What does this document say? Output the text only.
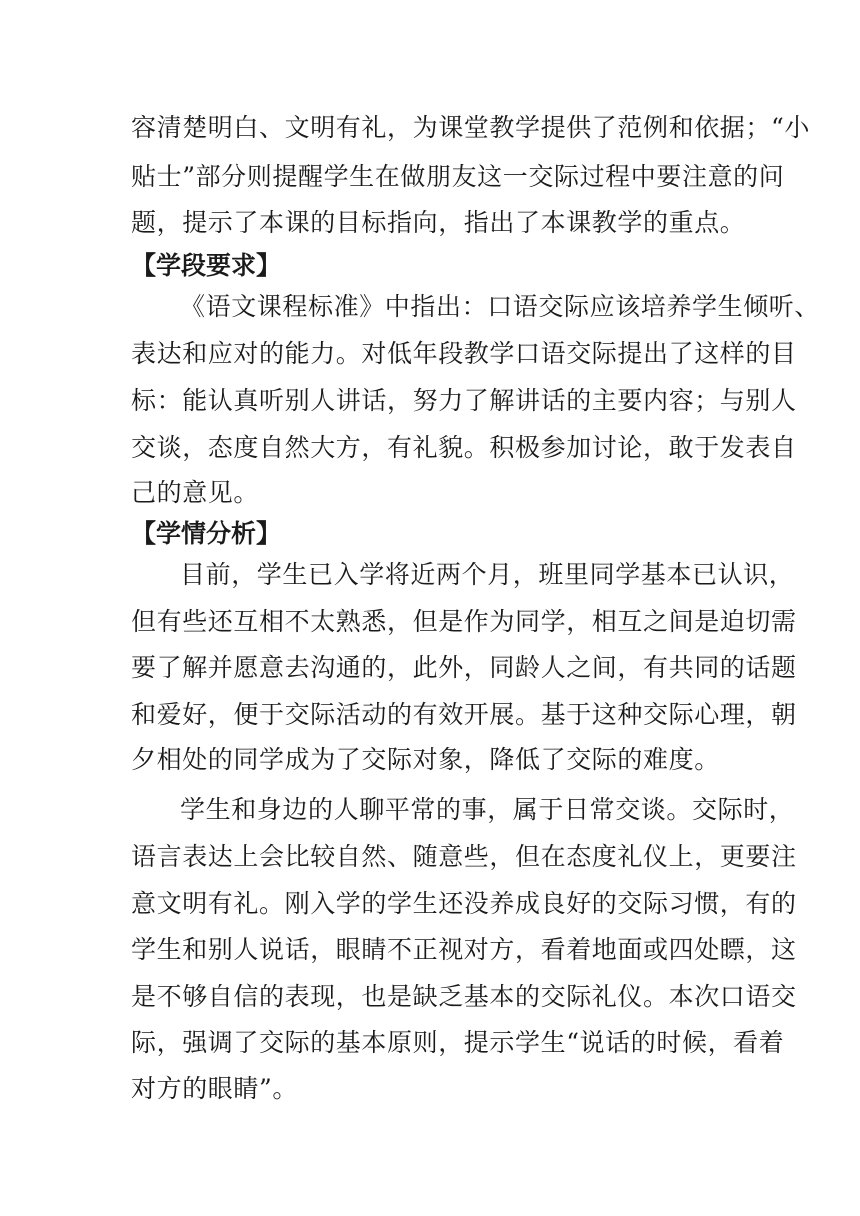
容清楚明白、文明有礼，为课堂教学提供了范例和依据；“小
贴士”部分则提醒学生在做朋友这一交际过程中要注意的问
题，提示了本课的目标指向，指出了本课教学的重点。
【学段要求】
《语文课程标准》中指出：口语交际应该培养学生倾听、
表达和应对的能力。对低年段教学口语交际提出了这样的目
标：能认真听别人讲话，努力了解讲话的主要内容；与别人
交谈，态度自然大方，有礼貌。积极参加讨论，敢于发表自
己的意见。
【学情分析】
目前，学生已入学将近两个月，班里同学基本已认识，
但有些还互相不太熟悉，但是作为同学，相互之间是迫切需
要了解并愿意去沟通的，此外，同龄人之间，有共同的话题
和爱好，便于交际活动的有效开展。基于这种交际心理，朝
夕相处的同学成为了交际对象，降低了交际的难度。
学生和身边的人聊平常的事，属于日常交谈。交际时，
语言表达上会比较自然、随意些，但在态度礼仪上，更要注
意文明有礼。刚入学的学生还没养成良好的交际习惯，有的
学生和别人说话，眼睛不正视对方，看着地面或四处瞟，这
是不够自信的表现，也是缺乏基本的交际礼仪。本次口语交
际，强调了交际的基本原则，提示学生“说话的时候，看着
对方的眼睛”。
